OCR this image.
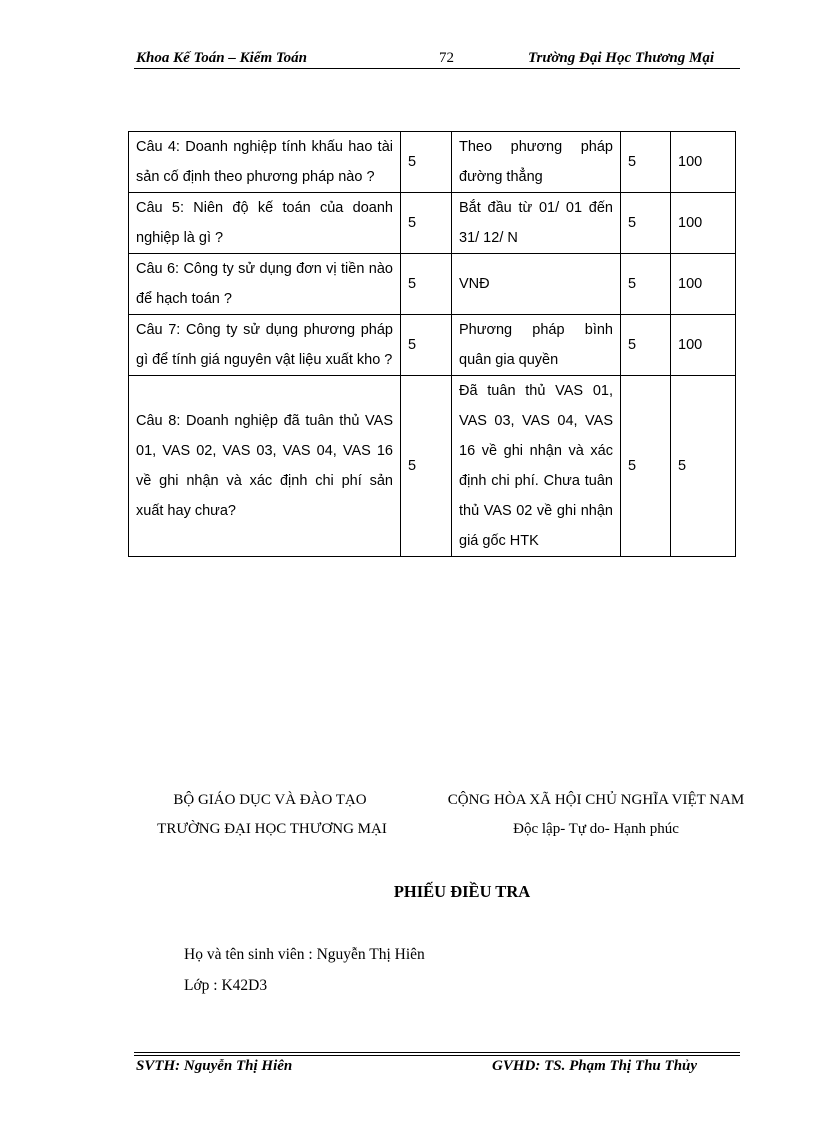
Khoa Kế Toán – Kiểm Toán	72	Trường Đại Học Thương Mại
Câu 4: Doanh nghiệp tính khấu hao tài sản cố định theo phương pháp nào ?	5	Theo phương pháp đường thẳng	5	100
Câu 5: Niên độ kế toán của doanh nghiệp là gì ?	5	Bắt đầu từ 01/ 01 đến 31/ 12/ N	5	100
Câu 6: Công ty sử dụng đơn vị tiền nào để hạch toán ?	5	VNĐ	5	100
Câu 7: Công ty sử dụng phương pháp gì để tính giá nguyên vật liệu xuất kho ?	5	Phương pháp bình quân gia quyền	5	100
Câu 8: Doanh nghiệp đã tuân thủ VAS 01, VAS 02, VAS 03, VAS 04, VAS 16 về ghi nhận và xác định chi phí sản xuất hay chưa?	5	Đã tuân thủ VAS 01, VAS 03, VAS 04, VAS 16 về ghi nhận và xác định chi phí. Chưa tuân thủ VAS 02 về ghi nhận giá gốc HTK	5	5
BỘ GIÁO DỤC VÀ ĐÀO TẠO
TRƯỜNG ĐẠI HỌC THƯƠNG MẠI
CỘNG HÒA XÃ HỘI CHỦ NGHĨA VIỆT NAM
Độc lập- Tự do- Hạnh phúc
PHIẾU ĐIỀU TRA
Họ và tên sinh viên : Nguyễn Thị Hiên
Lớp : K42D3
SVTH: Nguyễn Thị Hiên	GVHD: TS. Phạm Thị Thu Thủy
